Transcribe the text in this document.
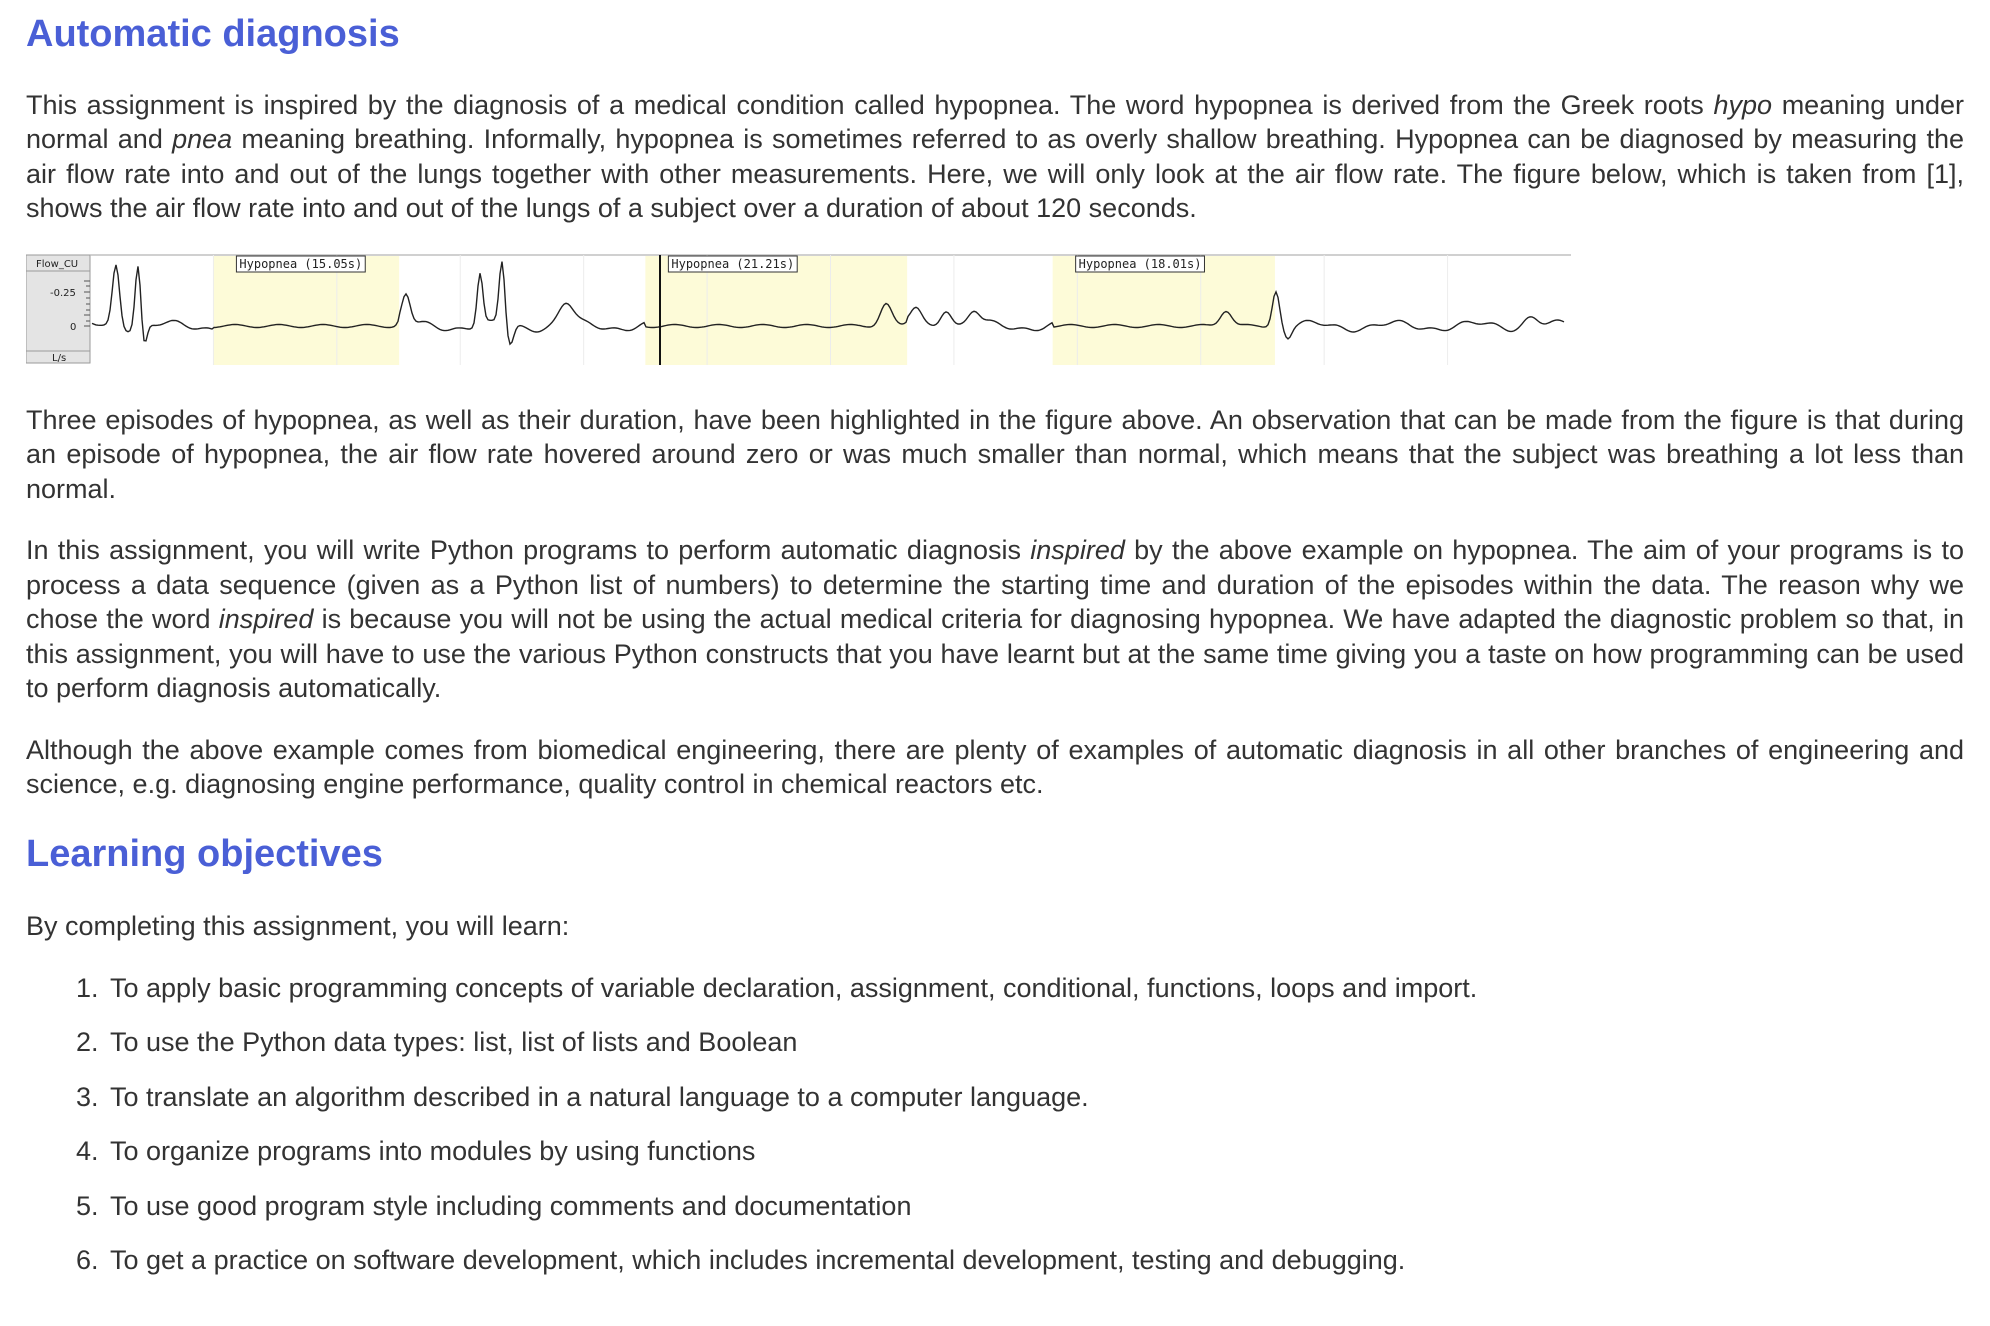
Automatic diagnosis

This assignment is inspired by the diagnosis of a medical condition called hypopnea. The word hypopnea is derived from the Greek roots hypo meaning under normal and pnea meaning breathing. Informally, hypopnea is sometimes referred to as overly shallow breathing. Hypopnea can be diagnosed by measuring the air flow rate into and out of the lungs together with other measurements. Here, we will only look at the air flow rate. The figure below, which is taken from [1], shows the air flow rate into and out of the lungs of a subject over a duration of about 120 seconds.

Flow_CU
-0.25
0
L/s
Hypopnea (15.05s)	Hypopnea (21.21s)	Hypopnea (18.01s)

Three episodes of hypopnea, as well as their duration, have been highlighted in the figure above. An observation that can be made from the figure is that during an episode of hypopnea, the air flow rate hovered around zero or was much smaller than normal, which means that the subject was breathing a lot less than normal.

In this assignment, you will write Python programs to perform automatic diagnosis inspired by the above example on hypopnea. The aim of your programs is to process a data sequence (given as a Python list of numbers) to determine the starting time and duration of the episodes within the data. The reason why we chose the word inspired is because you will not be using the actual medical criteria for diagnosing hypopnea. We have adapted the diagnostic problem so that, in this assignment, you will have to use the various Python constructs that you have learnt but at the same time giving you a taste on how programming can be used to perform diagnosis automatically.

Although the above example comes from biomedical engineering, there are plenty of examples of automatic diagnosis in all other branches of engineering and science, e.g. diagnosing engine performance, quality control in chemical reactors etc.

Learning objectives

By completing this assignment, you will learn:

1. To apply basic programming concepts of variable declaration, assignment, conditional, functions, loops and import.
2. To use the Python data types: list, list of lists and Boolean
3. To translate an algorithm described in a natural language to a computer language.
4. To organize programs into modules by using functions
5. To use good program style including comments and documentation
6. To get a practice on software development, which includes incremental development, testing and debugging.
